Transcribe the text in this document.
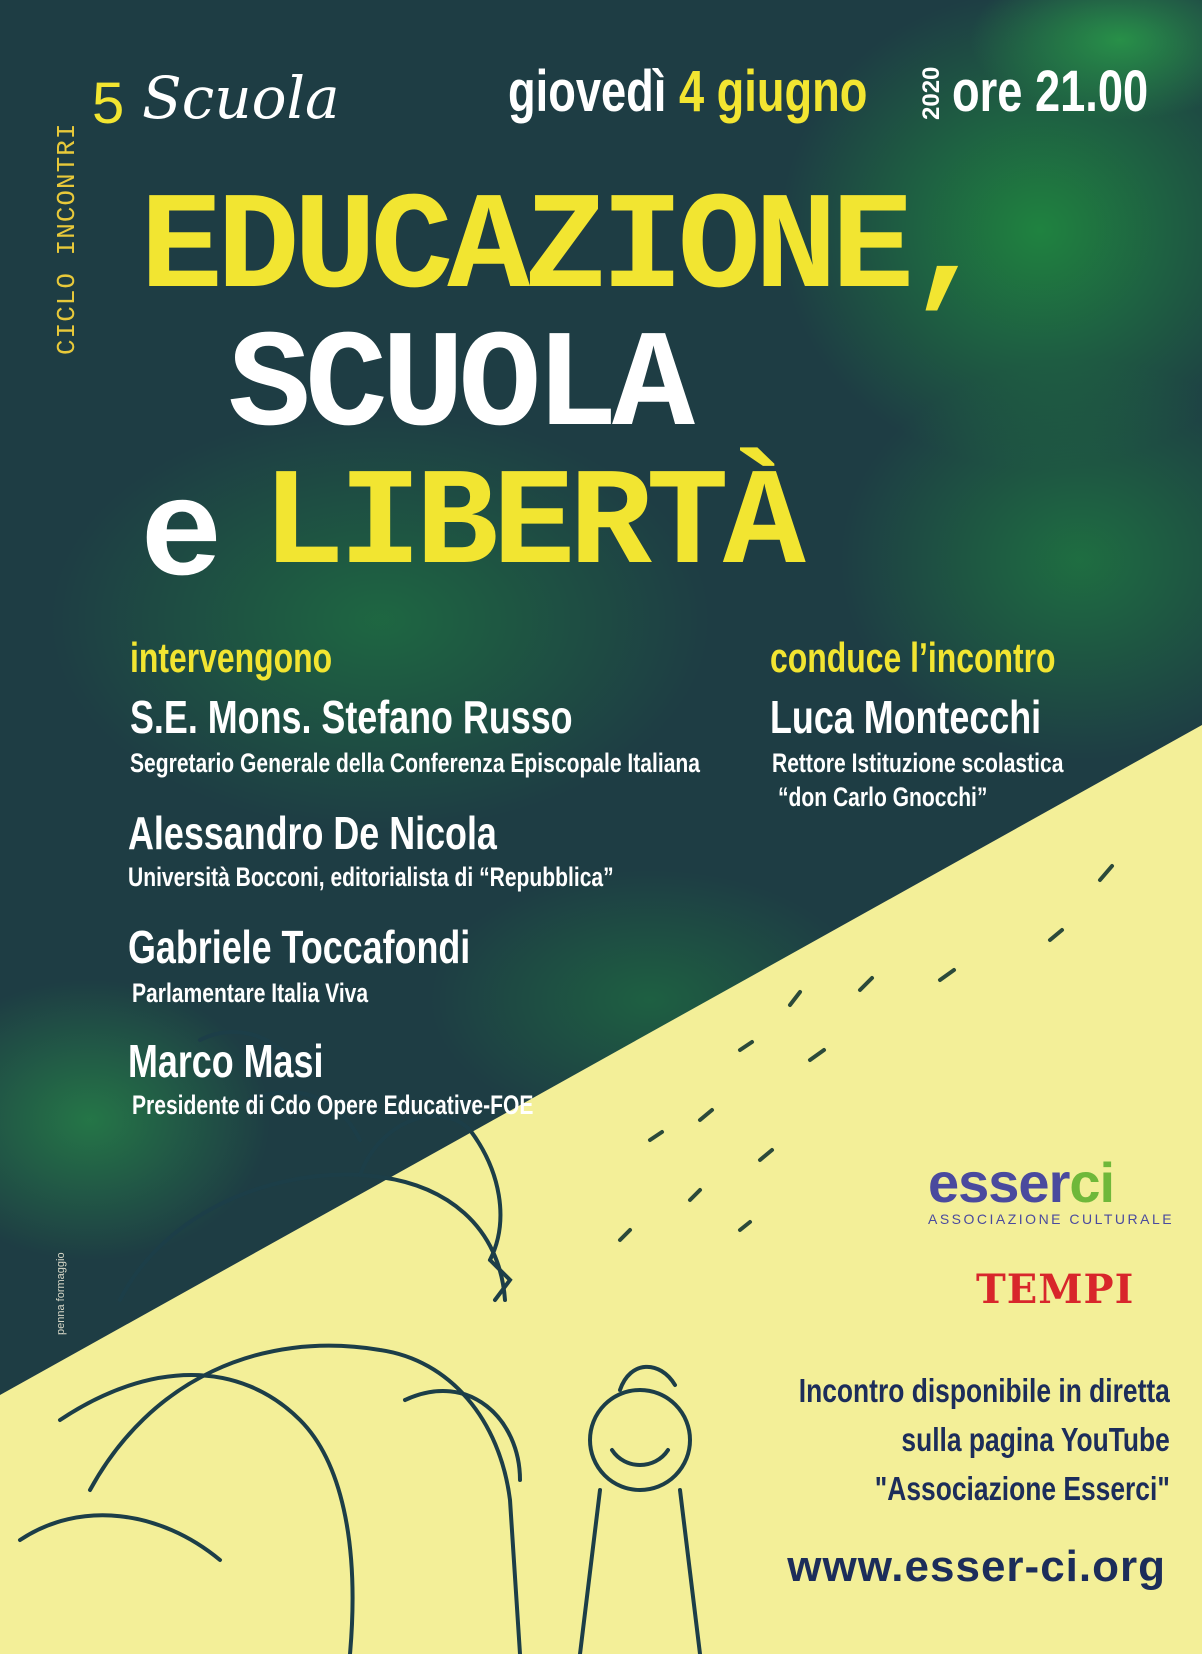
CICLO INCONTRI
5 Scuola	giovedì 4 giugno 2020 ore 21.00
EDUCAZIONE,
SCUOLA
e LIBERTÀ
intervengono
S.E. Mons. Stefano Russo
Segretario Generale della Conferenza Episcopale Italiana
Alessandro De Nicola
Università Bocconi, editorialista di “Repubblica”
Gabriele Toccafondi
Parlamentare Italia Viva
Marco Masi
Presidente di Cdo Opere Educative-FOE
conduce l’incontro
Luca Montecchi
Rettore Istituzione scolastica
“don Carlo Gnocchi”
esserci
ASSOCIAZIONE CULTURALE
TEMPI
Incontro disponibile in diretta
sulla pagina YouTube
"Associazione Esserci"
www.esser-ci.org
penna formaggio
